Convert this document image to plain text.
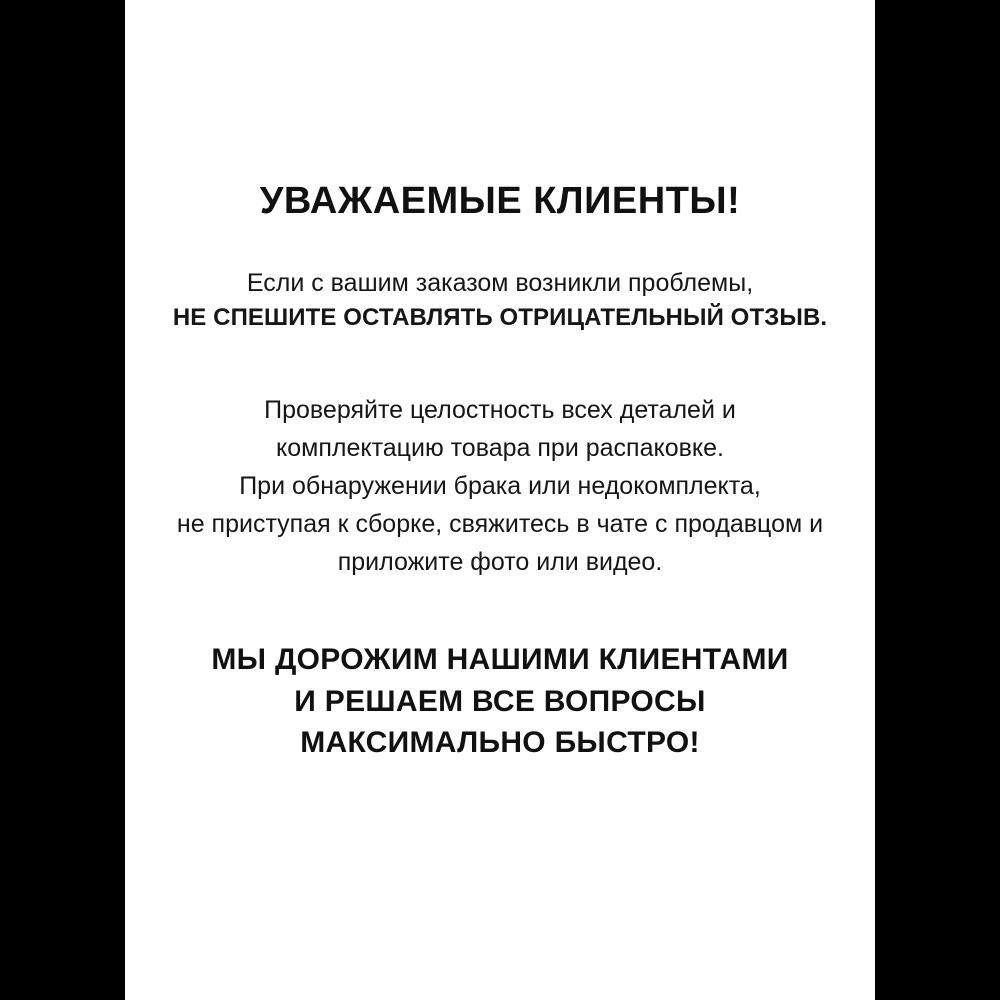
УВАЖАЕМЫЕ КЛИЕНТЫ!
Если с вашим заказом возникли проблемы,
НЕ СПЕШИТЕ ОСТАВЛЯТЬ ОТРИЦАТЕЛЬНЫЙ ОТЗЫВ.
Проверяйте целостность всех деталей и
комплектацию товара при распаковке.
При обнаружении брака или недокомплекта,
не приступая к сборке, свяжитесь в чате с продавцом и
приложите фото или видео.
МЫ ДОРОЖИМ НАШИМИ КЛИЕНТАМИ
И РЕШАЕМ ВСЕ ВОПРОСЫ
МАКСИМАЛЬНО БЫСТРО!
